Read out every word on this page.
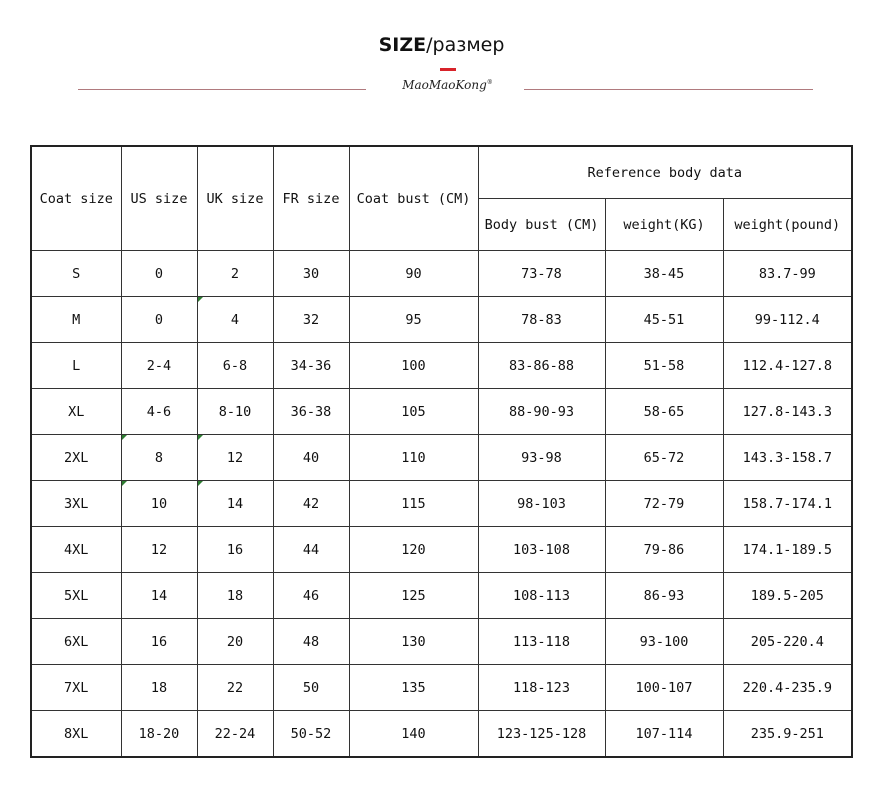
SIZE/размер
MaoMaoKong®
Coat size	US size	UK size	FR size	Coat bust (CM)	Reference body data		
					Body bust (CM)	weight(KG)	weight(pound)
S	0	2	30	90	73-78	38-45	83.7-99
M	0	4	32	95	78-83	45-51	99-112.4
L	2-4	6-8	34-36	100	83-86-88	51-58	112.4-127.8
XL	4-6	8-10	36-38	105	88-90-93	58-65	127.8-143.3
2XL	8	12	40	110	93-98	65-72	143.3-158.7
3XL	10	14	42	115	98-103	72-79	158.7-174.1
4XL	12	16	44	120	103-108	79-86	174.1-189.5
5XL	14	18	46	125	108-113	86-93	189.5-205
6XL	16	20	48	130	113-118	93-100	205-220.4
7XL	18	22	50	135	118-123	100-107	220.4-235.9
8XL	18-20	22-24	50-52	140	123-125-128	107-114	235.9-251
